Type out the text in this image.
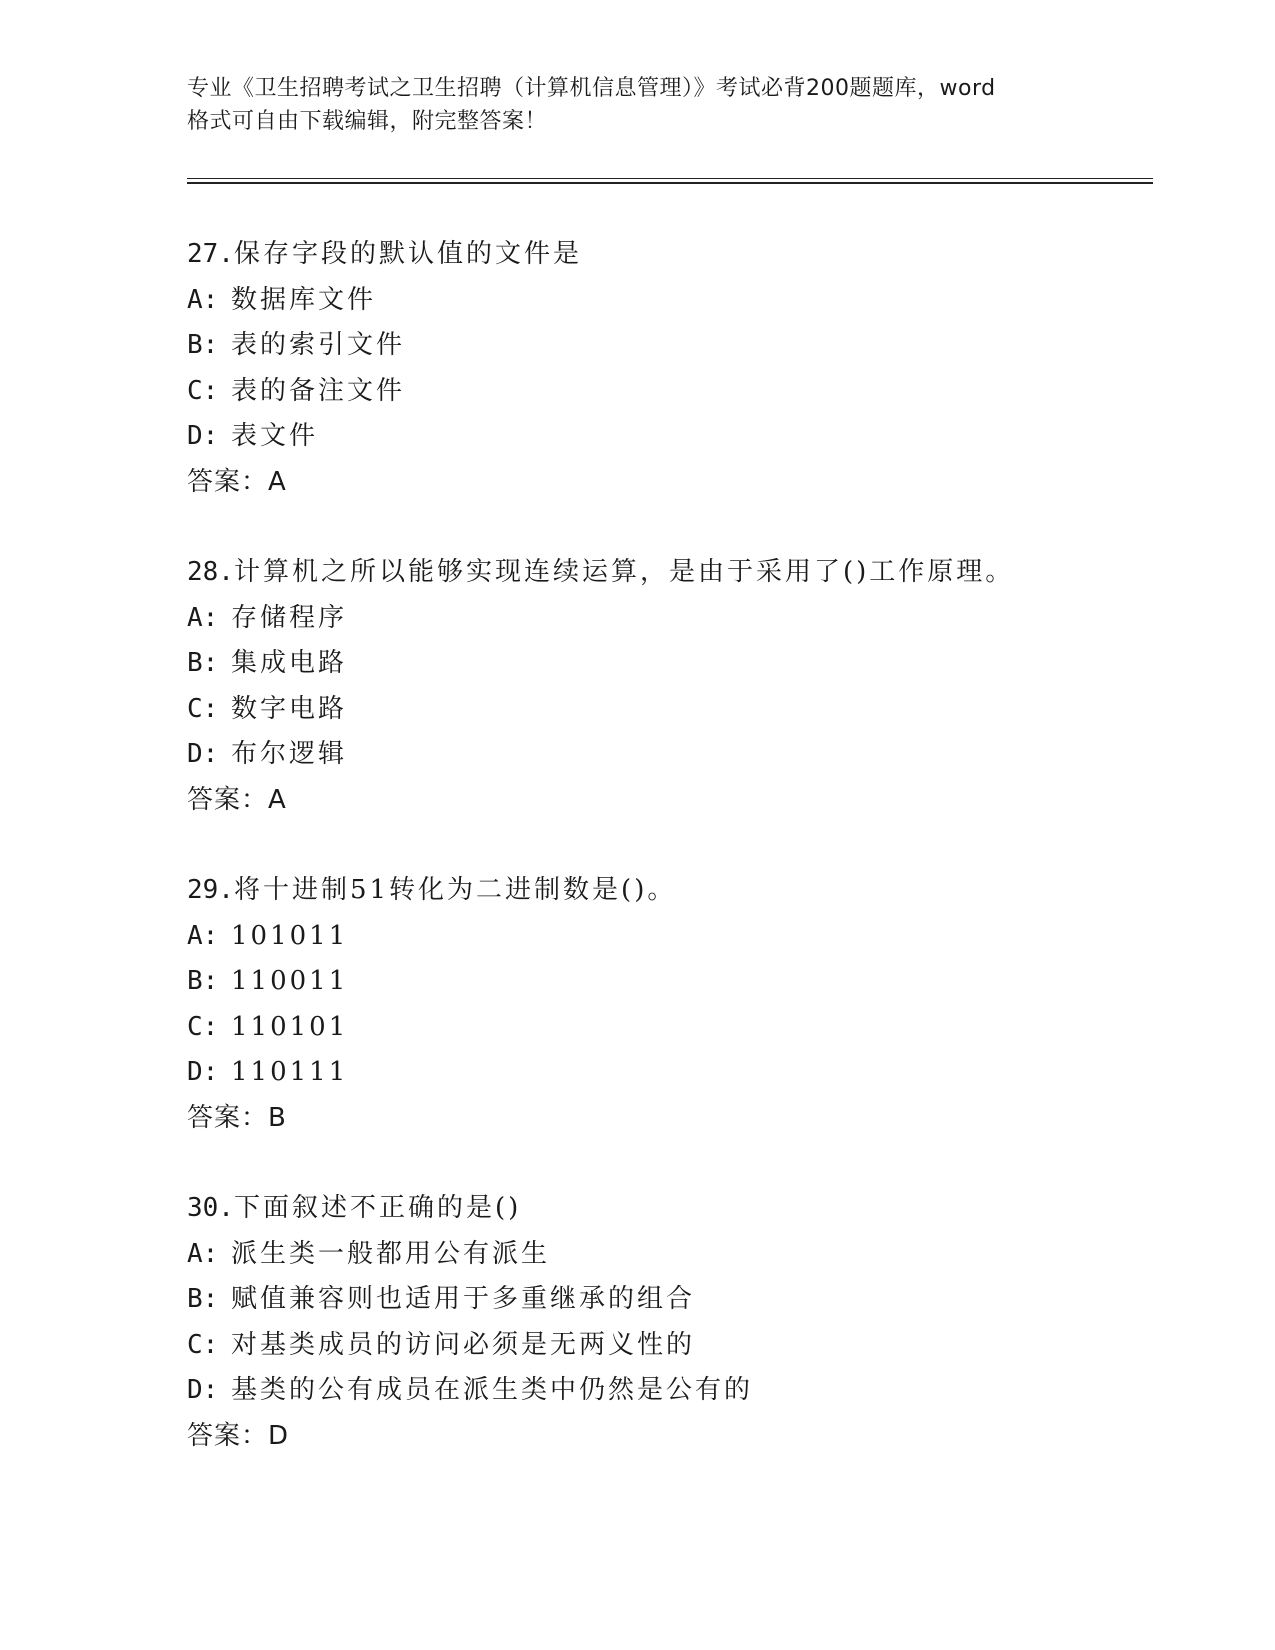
专业《卫生招聘考试之卫生招聘（计算机信息管理）》考试必背200题题库，word
格式可自由下载编辑，附完整答案！
27.保存字段的默认值的文件是
A: 数据库文件
B: 表的索引文件
C: 表的备注文件
D: 表文件
答案：A
28.计算机之所以能够实现连续运算，是由于采用了()工作原理。
A: 存储程序
B: 集成电路
C: 数字电路
D: 布尔逻辑
答案：A
29.将十进制51转化为二进制数是()。
A: 101011
B: 110011
C: 110101
D: 110111
答案：B
30.下面叙述不正确的是()
A: 派生类一般都用公有派生
B: 赋值兼容则也适用于多重继承的组合
C: 对基类成员的访问必须是无两义性的
D: 基类的公有成员在派生类中仍然是公有的
答案：D
